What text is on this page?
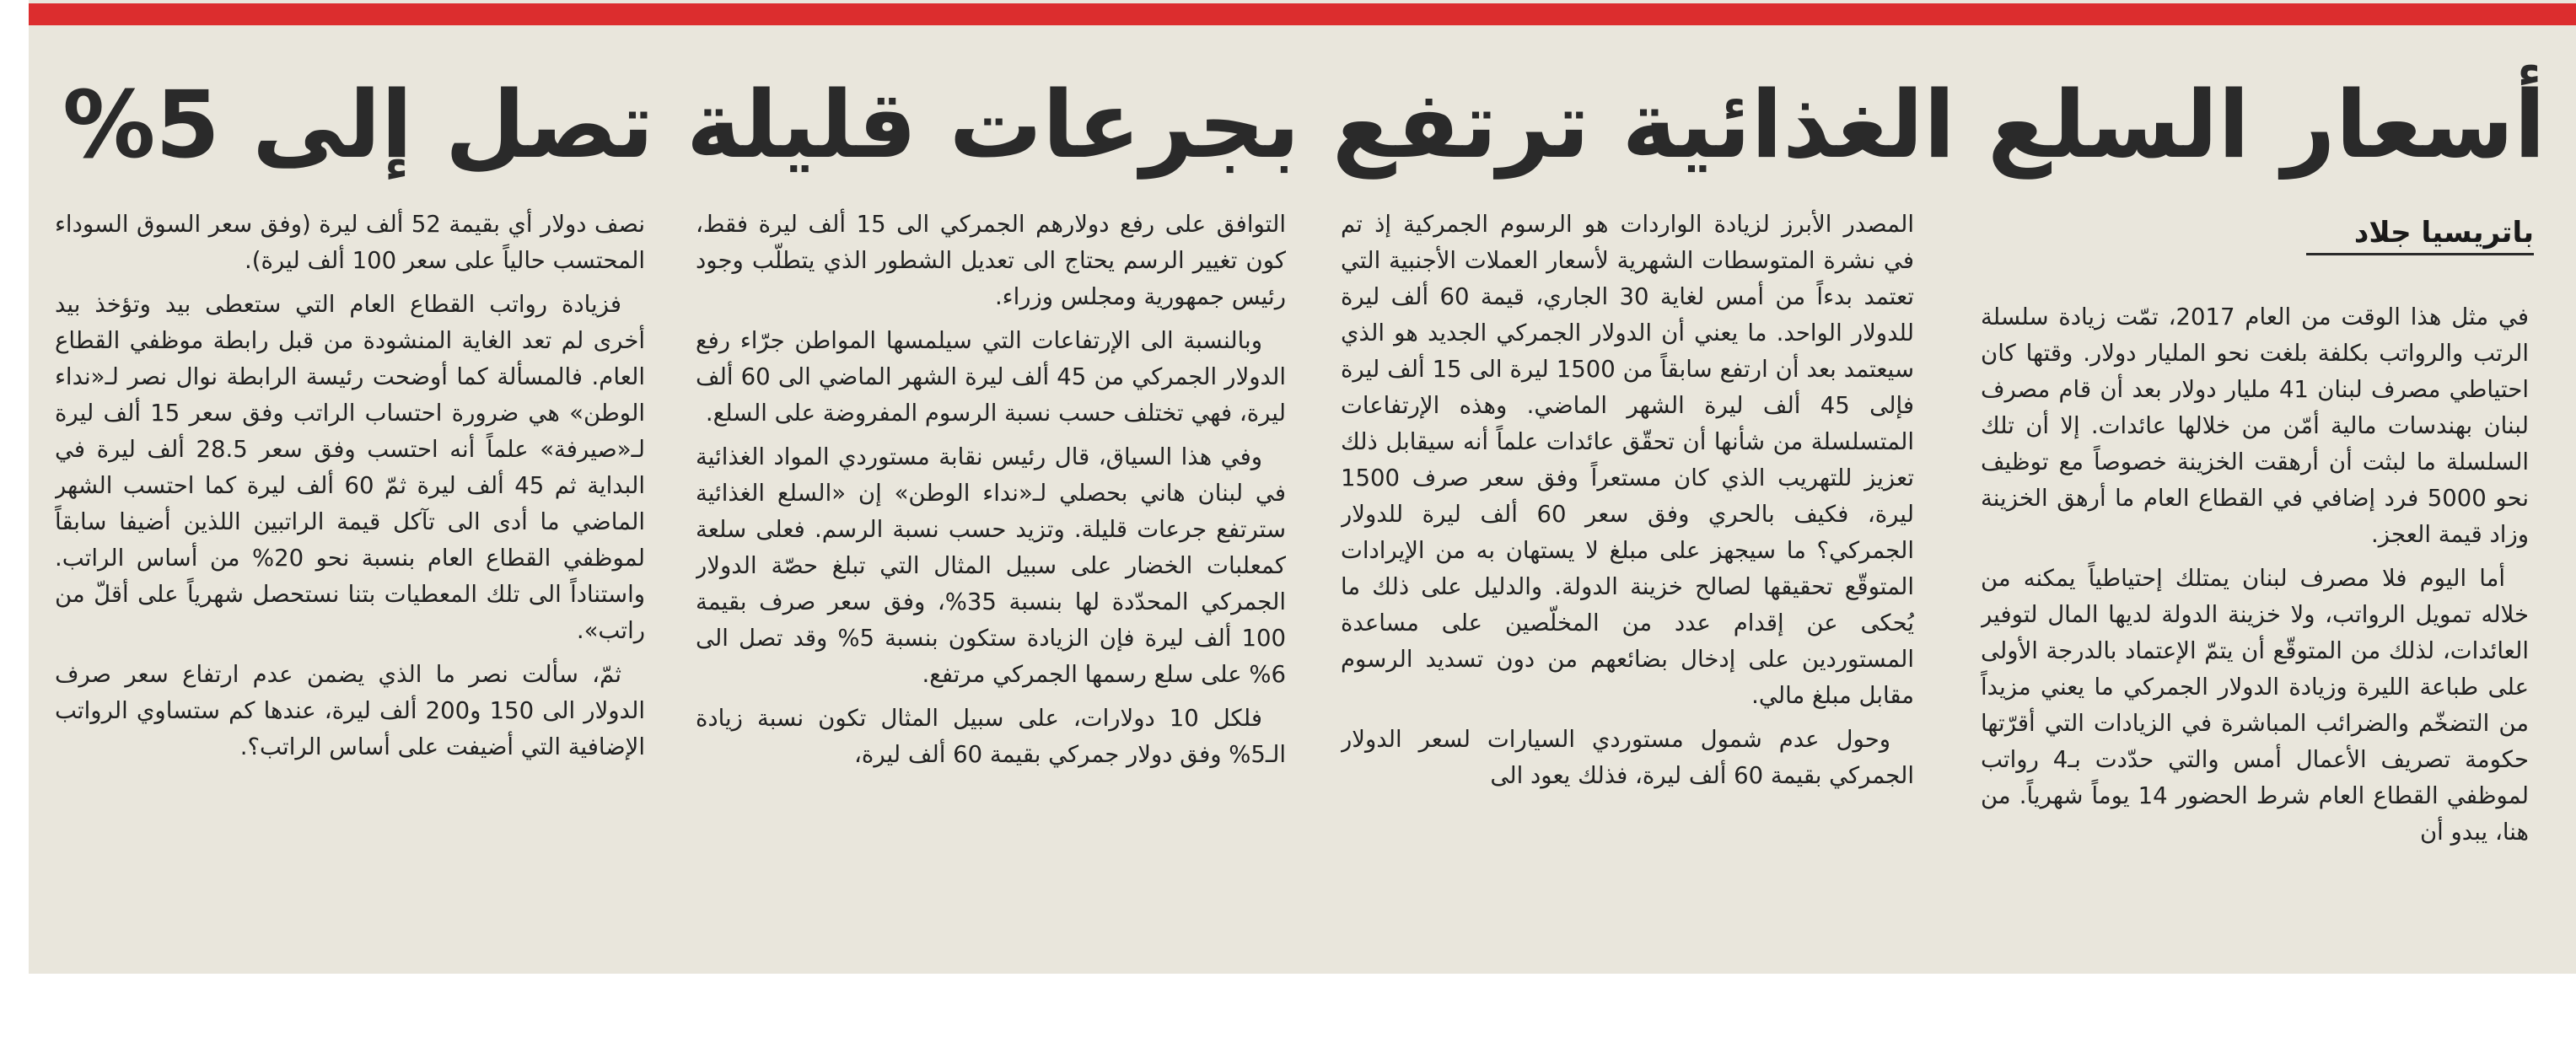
أسعار السلع الغذائية ترتفع بجرعات قليلة تصل إلى 5%
باتريسيا جلاد

في مثل هذا الوقت من العام 2017، تمّت زيادة سلسلة الرتب والرواتب بكلفة بلغت نحو المليار دولار. وقتها كان احتياطي مصرف لبنان 41 مليار دولار بعد أن قام مصرف لبنان بهندسات مالية أمّن من خلالها عائدات. إلا أن تلك السلسلة ما لبثت أن أرهقت الخزينة خصوصاً مع توظيف نحو 5000 فرد إضافي في القطاع العام ما أرهق الخزينة وزاد قيمة العجز.

أما اليوم فلا مصرف لبنان يمتلك إحتياطياً يمكنه من خلاله تمويل الرواتب، ولا خزينة الدولة لديها المال لتوفير العائدات، لذلك من المتوقّع أن يتمّ الإعتماد بالدرجة الأولى على طباعة الليرة وزيادة الدولار الجمركي ما يعني مزيداً من التضخّم والضرائب المباشرة في الزيادات التي أقرّتها حكومة تصريف الأعمال أمس والتي حدّدت بـ4 رواتب لموظفي القطاع العام شرط الحضور 14 يوماً شهرياً. من هنا، يبدو أن

المصدر الأبرز لزيادة الواردات هو الرسوم الجمركية إذ تم في نشرة المتوسطات الشهرية لأسعار العملات الأجنبية التي تعتمد بدءاً من أمس لغاية 30 الجاري، قيمة 60 ألف ليرة للدولار الواحد. ما يعني أن الدولار الجمركي الجديد هو الذي سيعتمد بعد أن ارتفع سابقاً من 1500 ليرة الى 15 ألف ليرة فإلى 45 ألف ليرة الشهر الماضي. وهذه الإرتفاعات المتسلسلة من شأنها أن تحقّق عائدات علماً أنه سيقابل ذلك تعزيز للتهريب الذي كان مستعراً وفق سعر صرف 1500 ليرة، فكيف بالحري وفق سعر 60 ألف ليرة للدولار الجمركي؟ ما سيجهز على مبلغ لا يستهان به من الإيرادات المتوقّع تحقيقها لصالح خزينة الدولة. والدليل على ذلك ما يُحكى عن إقدام عدد من المخلّصين على مساعدة المستوردين على إدخال بضائعهم من دون تسديد الرسوم مقابل مبلغ مالي.

وحول عدم شمول مستوردي السيارات لسعر الدولار الجمركي بقيمة 60 ألف ليرة، فذلك يعود الى

التوافق على رفع دولارهم الجمركي الى 15 ألف ليرة فقط، كون تغيير الرسم يحتاج الى تعديل الشطور الذي يتطلّب وجود رئيس جمهورية ومجلس وزراء.

وبالنسبة الى الإرتفاعات التي سيلمسها المواطن جرّاء رفع الدولار الجمركي من 45 ألف ليرة الشهر الماضي الى 60 ألف ليرة، فهي تختلف حسب نسبة الرسوم المفروضة على السلع.

وفي هذا السياق، قال رئيس نقابة مستوردي المواد الغذائية في لبنان هاني بحصلي لـ«نداء الوطن» إن «السلع الغذائية سترتفع جرعات قليلة. وتزيد حسب نسبة الرسم. فعلى سلعة كمعلبات الخضار على سبيل المثال التي تبلغ حصّة الدولار الجمركي المحدّدة لها بنسبة 35%، وفق سعر صرف بقيمة 100 ألف ليرة فإن الزيادة ستكون بنسبة 5% وقد تصل الى 6% على سلع رسمها الجمركي مرتفع.

فلكل 10 دولارات، على سبيل المثال تكون نسبة زيادة الـ5% وفق دولار جمركي بقيمة 60 ألف ليرة،

نصف دولار أي بقيمة 52 ألف ليرة (وفق سعر السوق السوداء المحتسب حالياً على سعر 100 ألف ليرة).

فزيادة رواتب القطاع العام التي ستعطى بيد وتؤخذ بيد أخرى لم تعد الغاية المنشودة من قبل رابطة موظفي القطاع العام. فالمسألة كما أوضحت رئيسة الرابطة نوال نصر لـ«نداء الوطن» هي ضرورة احتساب الراتب وفق سعر 15 ألف ليرة لـ«صيرفة» علماً أنه احتسب وفق سعر 28.5 ألف ليرة في البداية ثم 45 ألف ليرة ثمّ 60 ألف ليرة كما احتسب الشهر الماضي ما أدى الى تآكل قيمة الراتبين اللذين أضيفا سابقاً لموظفي القطاع العام بنسبة نحو 20% من أساس الراتب. واستناداً الى تلك المعطيات بتنا نستحصل شهرياً على أقلّ من راتب».

ثمّ، سألت نصر ما الذي يضمن عدم ارتفاع سعر صرف الدولار الى 150 و200 ألف ليرة، عندها كم ستساوي الرواتب الإضافية التي أضيفت على أساس الراتب؟.
